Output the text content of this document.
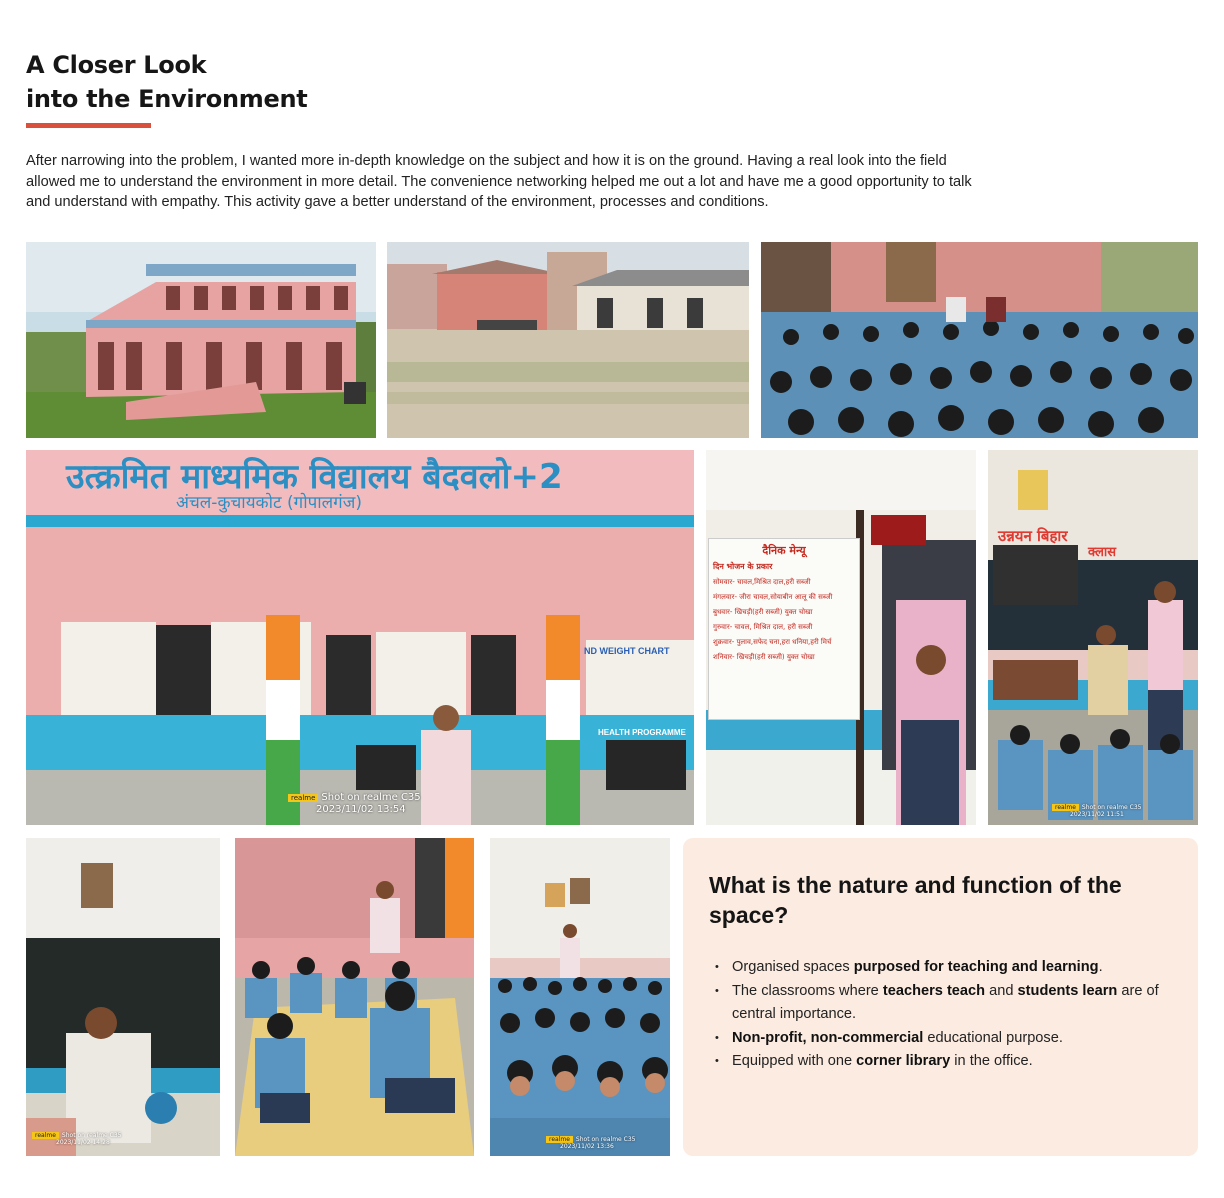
A Closer Look
into the Environment

After narrowing into the problem, I wanted more in-depth knowledge on the subject and how it is on the ground. Having a real look into the field allowed me to understand the environment in more detail. The convenience networking helped me out a lot and have me a good opportunity to talk and understand with empathy. This activity gave a better understand of the environment, processes and conditions.

उत्क्रमित माध्यमिक विद्यालय बैदवलो+2
अंचल-कुचायकोट (गोपालगंज)
ND WEIGHT CHART
HEALTH PROGRAMME
realme Shot on realme C35
2023/11/02 13:54
दैनिक मेन्यू
दिन भोजन के प्रकार
सोमवार- चावल,मिश्रित दाल,हरी सब्जी
मंगलवार- जीरा चावल,सोयाबीन आलू की सब्जी
बुधवार- खिचड़ी(हरी सब्जी) युक्त चोखा
गुरुवार- चावल, मिश्रित दाल, हरी सब्जी
शुक्रवार- पुलाव,सफेद चना,हरा धनिया,हरी मिर्च
शनिवार- खिचड़ी(हरी सब्जी) युक्त चोखा
उन्नयन बिहार
क्लास
realme Shot on realme C35
2023/11/02 11:51
realme Shot on realme C35
2023/11/02 14:28	realme Shot on realme C35
2023/11/02 13:36
What is the nature and function of the space?
• Organised spaces purposed for teaching and learning.
• The classrooms where teachers teach and students learn are of central importance.
• Non-profit, non-commercial educational purpose.
• Equipped with one corner library in the office.
